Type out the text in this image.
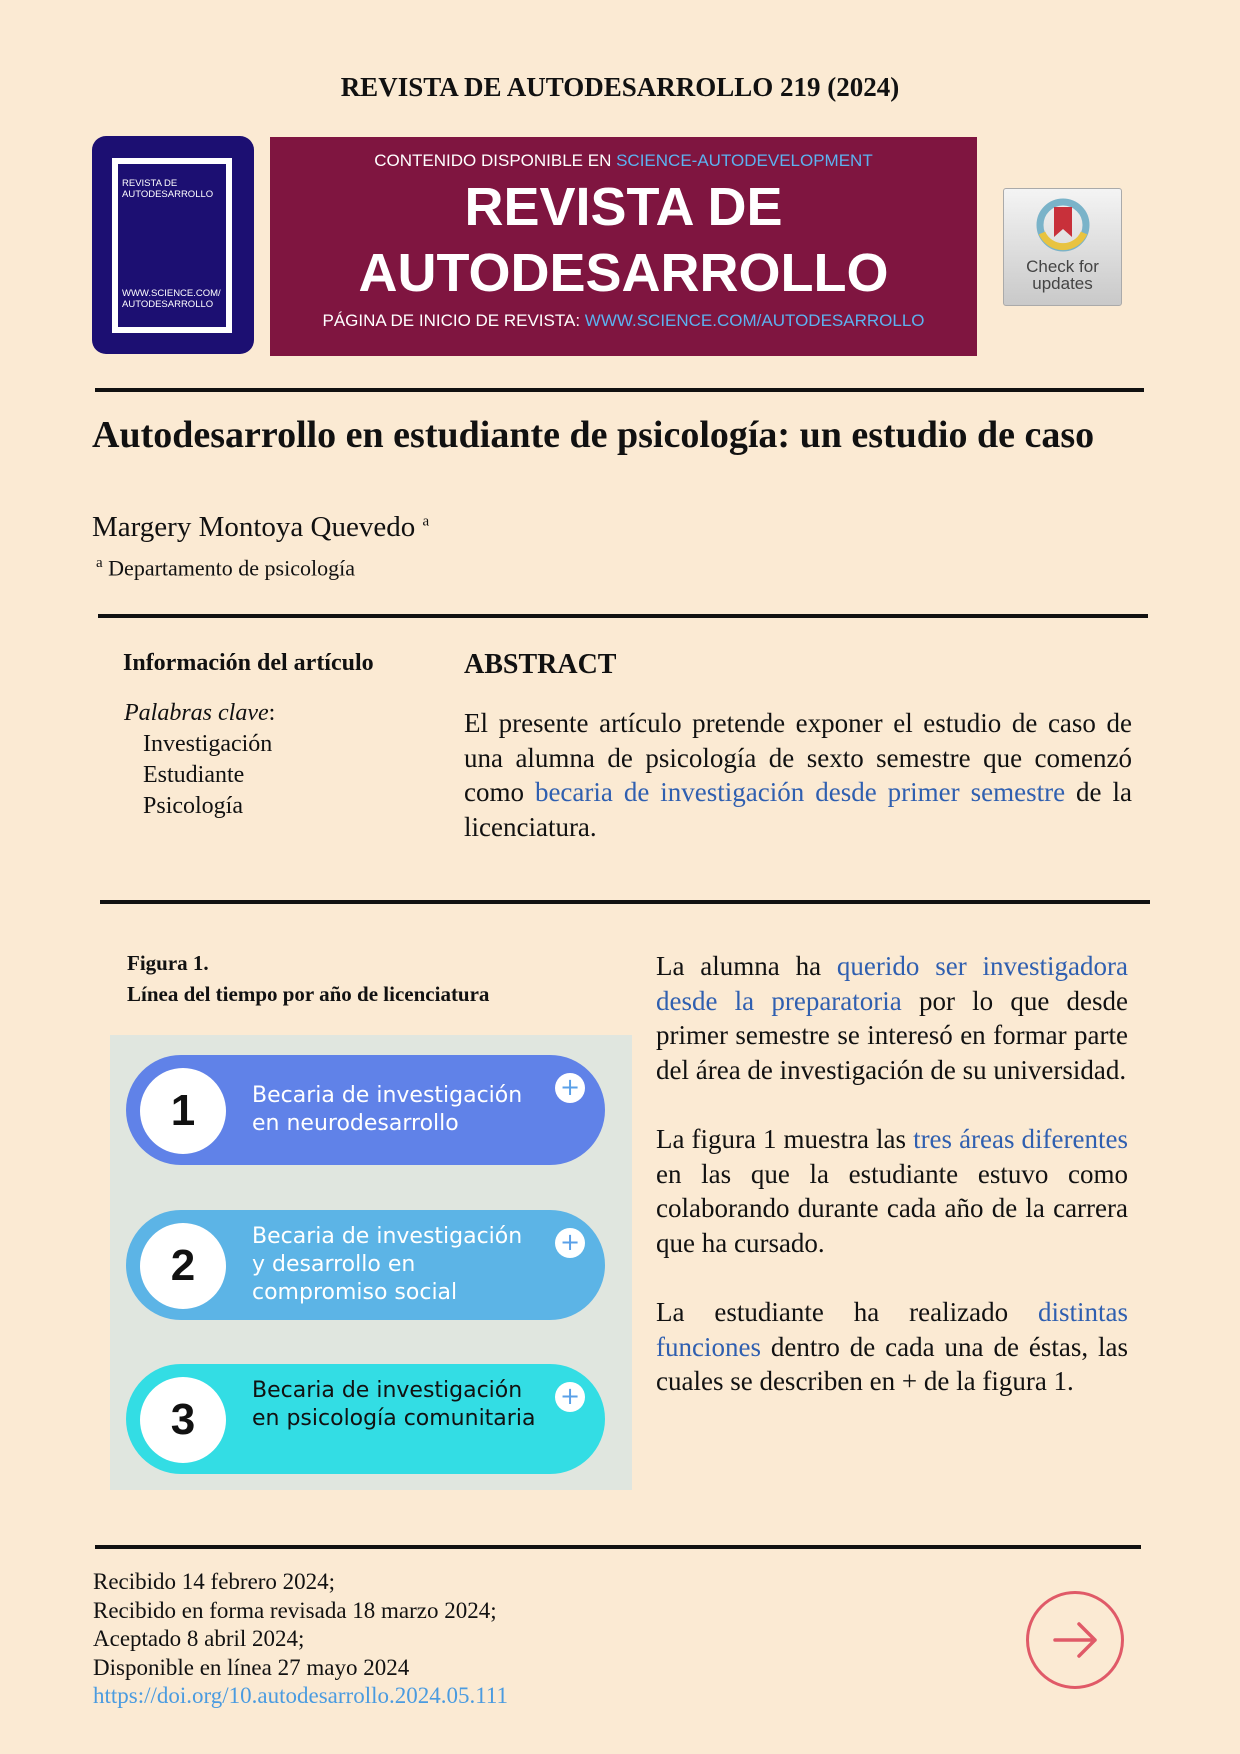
REVISTA DE AUTODESARROLLO 219 (2024)
REVISTA DE AUTODESARROLLO
WWW.SCIENCE.COM/ AUTODESARROLLO
CONTENIDO DISPONIBLE EN SCIENCE-AUTODEVELOPMENT
REVISTA DE
AUTODESARROLLO
PÁGINA DE INICIO DE REVISTA: WWW.SCIENCE.COM/AUTODESARROLLO
Check for
updates
Autodesarrollo en estudiante de psicología: un estudio de caso
Margery Montoya Quevedo $^a$
$^a$ Departamento de psicología
Información del artículo
Palabras clave:
Investigación
Estudiante
Psicología
ABSTRACT
El presente artículo pretende exponer el estudio de caso de una alumna de psicología de sexto semestre que comenzó como becaria de investigación desde primer semestre de la licenciatura.
Figura 1.
Línea del tiempo por año de licenciatura
1	Becaria de investigación en neurodesarrollo
+
2
Becaria de investigación y desarrollo en compromiso social
+
3
Becaria de investigación en psicología comunitaria
+

La alumna ha querido ser investigadora desde la preparatoria por lo que desde primer semestre se interesó en formar parte del área de investigación de su universidad.

La figura 1 muestra las tres áreas diferentes en las que la estudiante estuvo como colaborando durante cada año de la carrera que ha cursado.

La estudiante ha realizado distintas funciones dentro de cada una de éstas, las cuales se describen en + de la figura 1.

Recibido 14 febrero 2024;
Recibido en forma revisada 18 marzo 2024;
Aceptado 8 abril 2024;
Disponible en línea 27 mayo 2024
https://doi.org/10.autodesarrollo.2024.05.111
